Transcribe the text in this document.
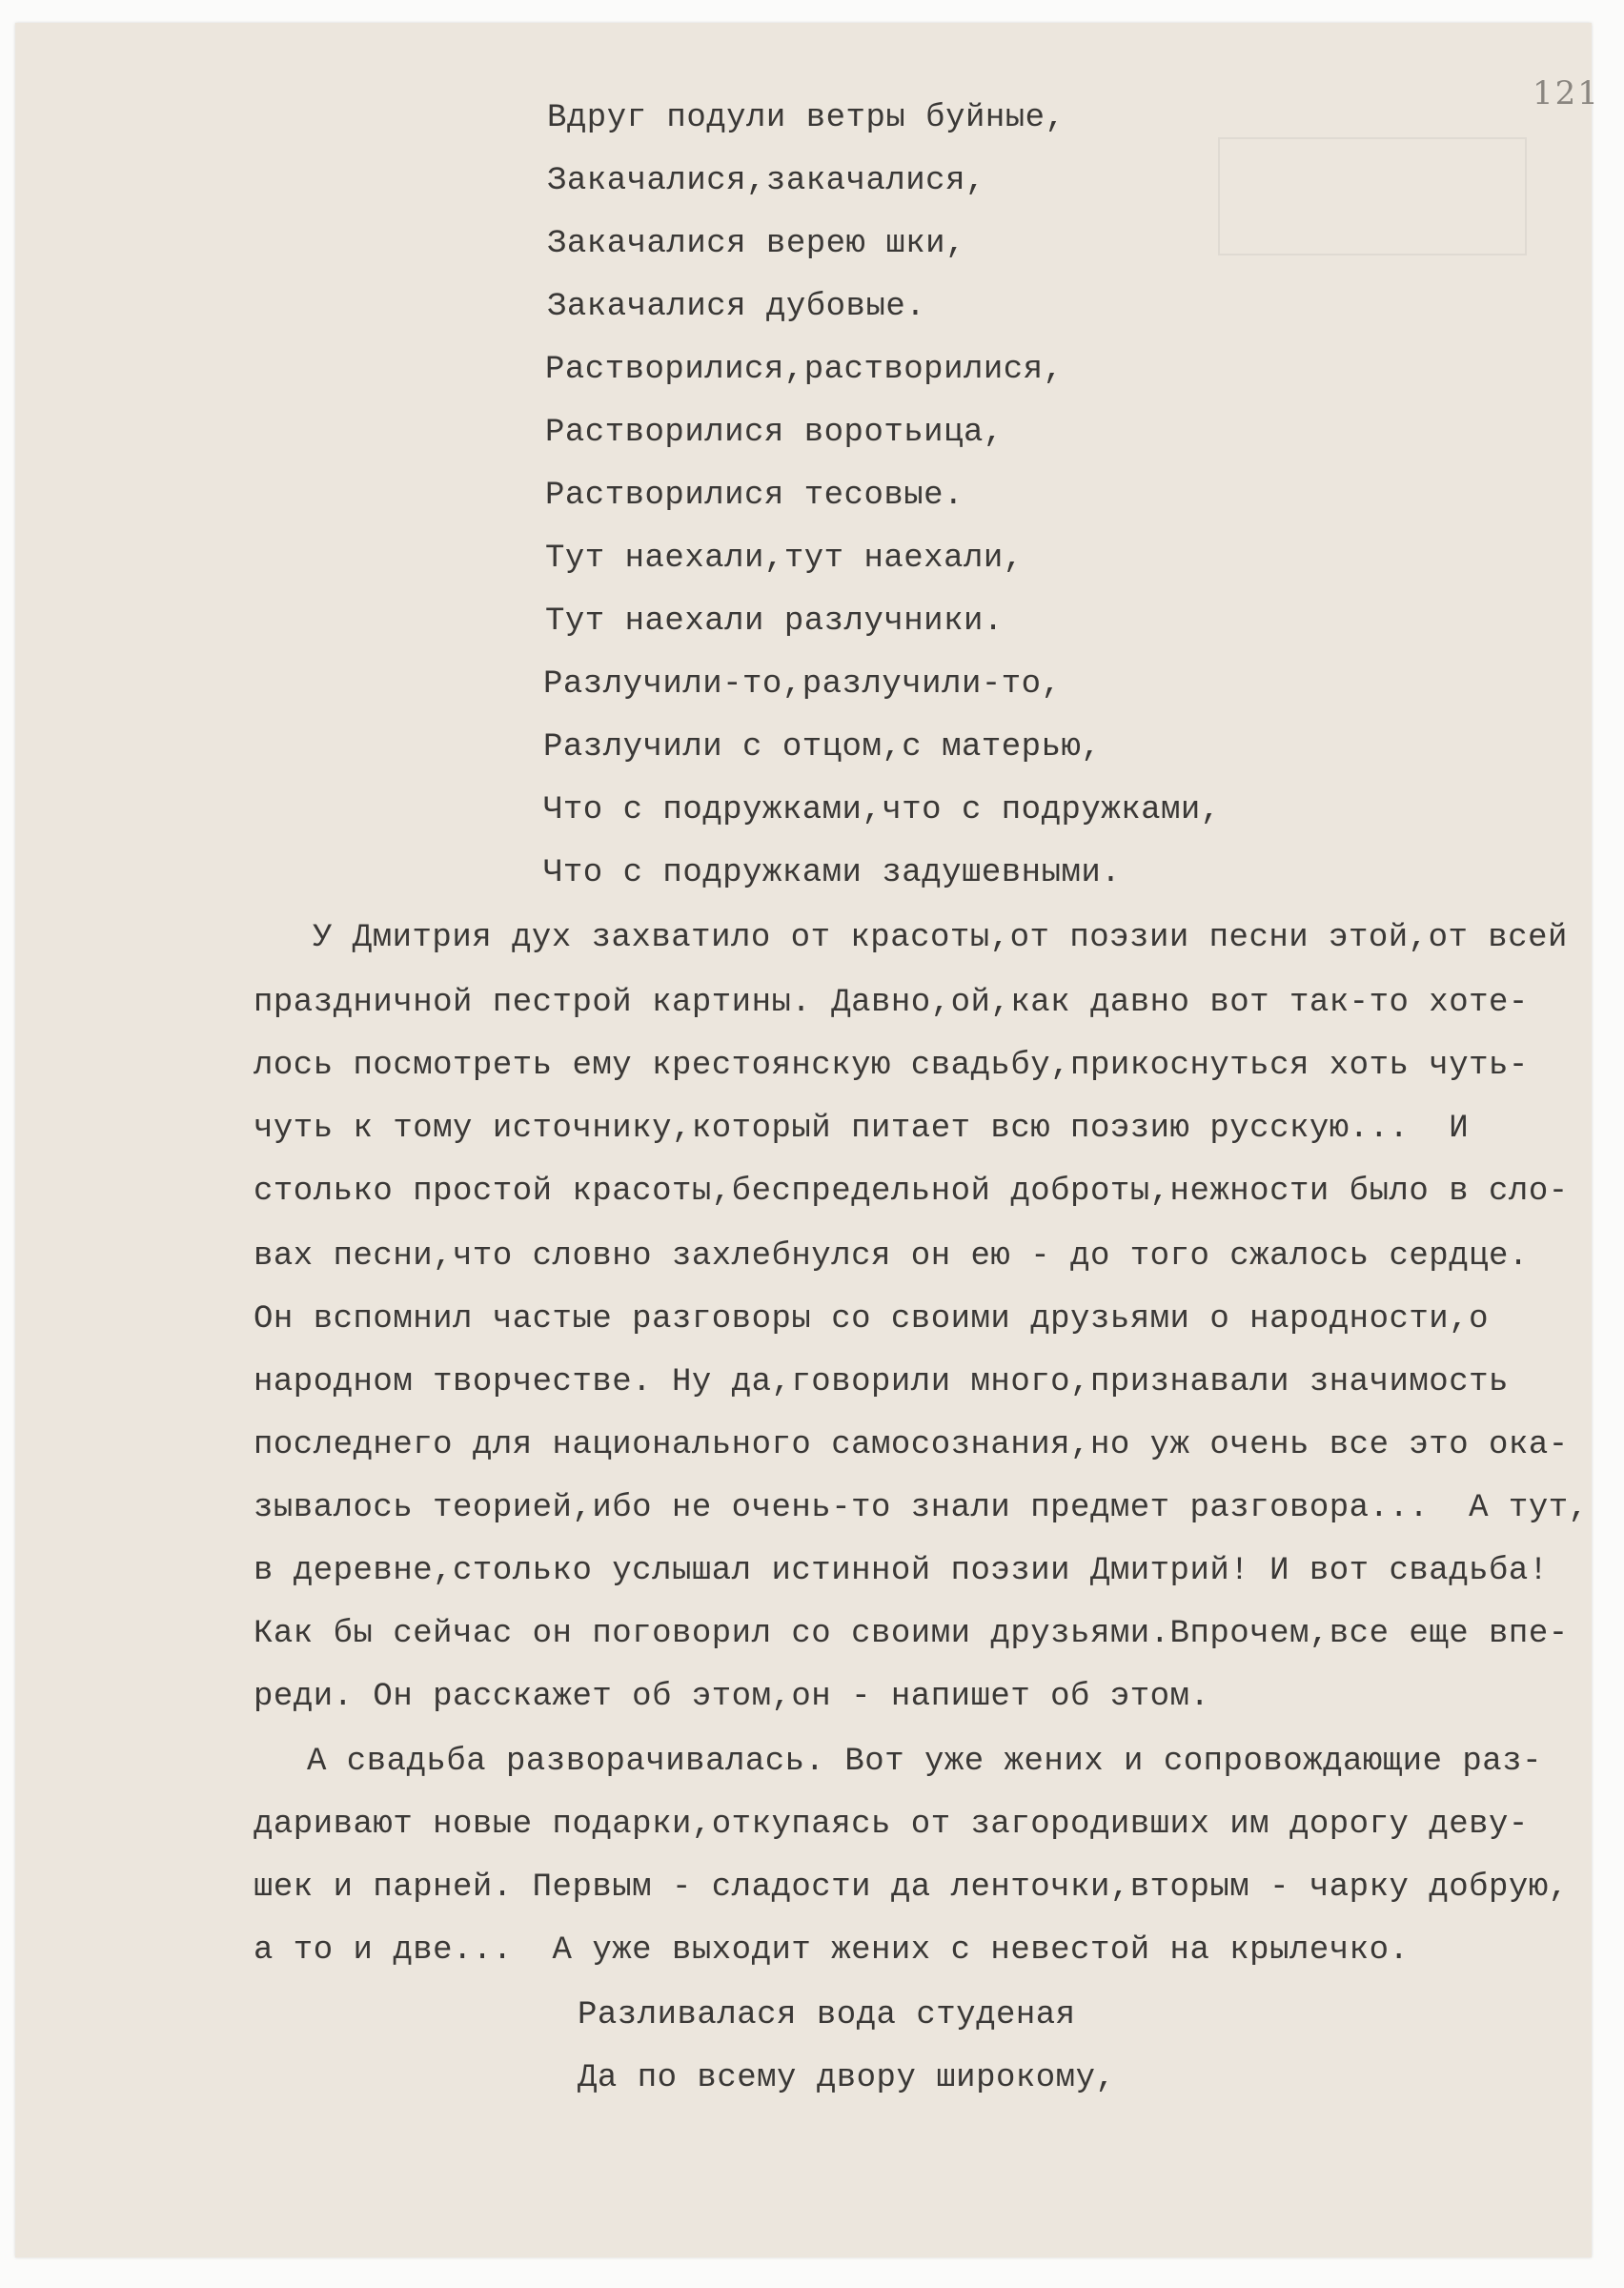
121

Вдруг подули ветры буйные,

Закачалися,закачалися,

Закачалися верею шки,

Закачалися дубовые.

Растворилися,растворилися,

Растворилися воротьица,

Растворилися тесовые.

Тут наехали,тут наехали,

Тут наехали разлучники.

Разлучили-то,разлучили-то,

Разлучили с отцом,с матерью,

Что с подружками,что с подружками,

Что с подружками задушевными.

У Дмитрия дух захватило от красоты,от поэзии песни этой,от всей

праздничной пестрой картины. Давно,ой,как давно вот так-то хоте-

лось посмотреть ему крестоянскую свадьбу,прикоснуться хоть чуть-

чуть к тому источнику,который питает всю поэзию русскую...  И

столько простой красоты,беспредельной доброты,нежности было в сло-

вах песни,что словно захлебнулся он ею - до того сжалось сердце.

Он вспомнил частые разговоры со своими друзьями о народности,о

народном творчестве. Ну да,говорили много,признавали значимость

последнего для национального самосознания,но уж очень все это ока-

зывалось теорией,ибо не очень-то знали предмет разговора...  А тут,

в деревне,столько услышал истинной поэзии Дмитрий! И вот свадьба!

Как бы сейчас он поговорил со своими друзьями.Впрочем,все еще впе-

реди. Он расскажет об этом,он - напишет об этом.

А свадьба разворачивалась. Вот уже жених и сопровождающие раз-

даривают новые подарки,откупаясь от загородивших им дорогу деву-

шек и парней. Первым - сладости да ленточки,вторым - чарку добрую,

а то и две...  А уже выходит жених с невестой на крылечко.

Разливалася вода студеная

Да по всему двору широкому,
